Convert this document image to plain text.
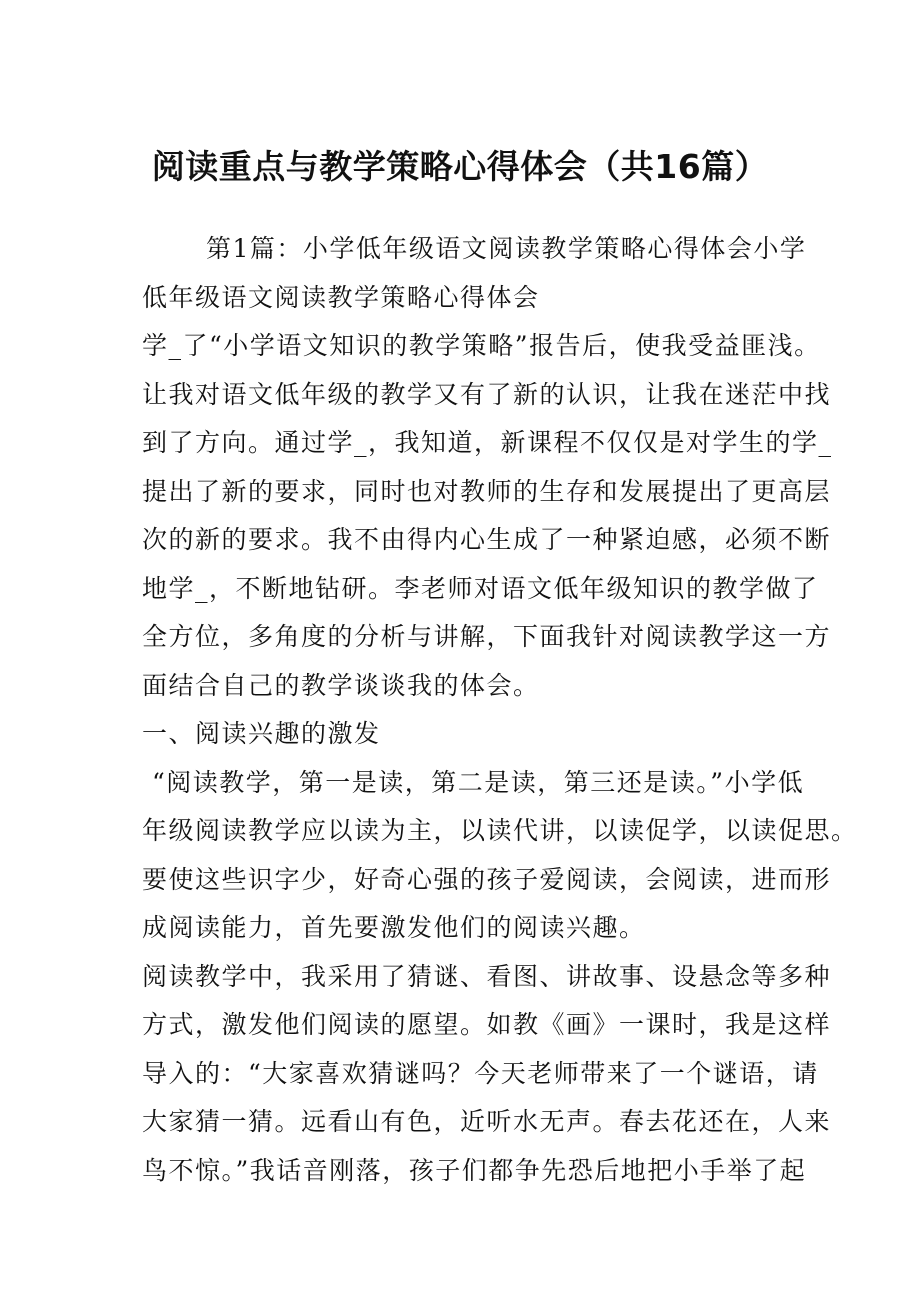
阅读重点与教学策略心得体会（共16篇）
第1篇：小学低年级语文阅读教学策略心得体会小学
低年级语文阅读教学策略心得体会
学_了“小学语文知识的教学策略”报告后，使我受益匪浅。
让我对语文低年级的教学又有了新的认识，让我在迷茫中找
到了方向。通过学_，我知道，新课程不仅仅是对学生的学_
提出了新的要求，同时也对教师的生存和发展提出了更高层
次的新的要求。我不由得内心生成了一种紧迫感，必须不断
地学_，不断地钻研。李老师对语文低年级知识的教学做了
全方位，多角度的分析与讲解，下面我针对阅读教学这一方
面结合自己的教学谈谈我的体会。
一、阅读兴趣的激发
“阅读教学，第一是读，第二是读，第三还是读。”小学低
年级阅读教学应以读为主，以读代讲，以读促学，以读促思。
要使这些识字少，好奇心强的孩子爱阅读，会阅读，进而形
成阅读能力，首先要激发他们的阅读兴趣。
阅读教学中，我采用了猜谜、看图、讲故事、设悬念等多种
方式，激发他们阅读的愿望。如教《画》一课时，我是这样
导入的：“大家喜欢猜谜吗？今天老师带来了一个谜语，请
大家猜一猜。远看山有色，近听水无声。春去花还在，人来
鸟不惊。”我话音刚落，孩子们都争先恐后地把小手举了起
